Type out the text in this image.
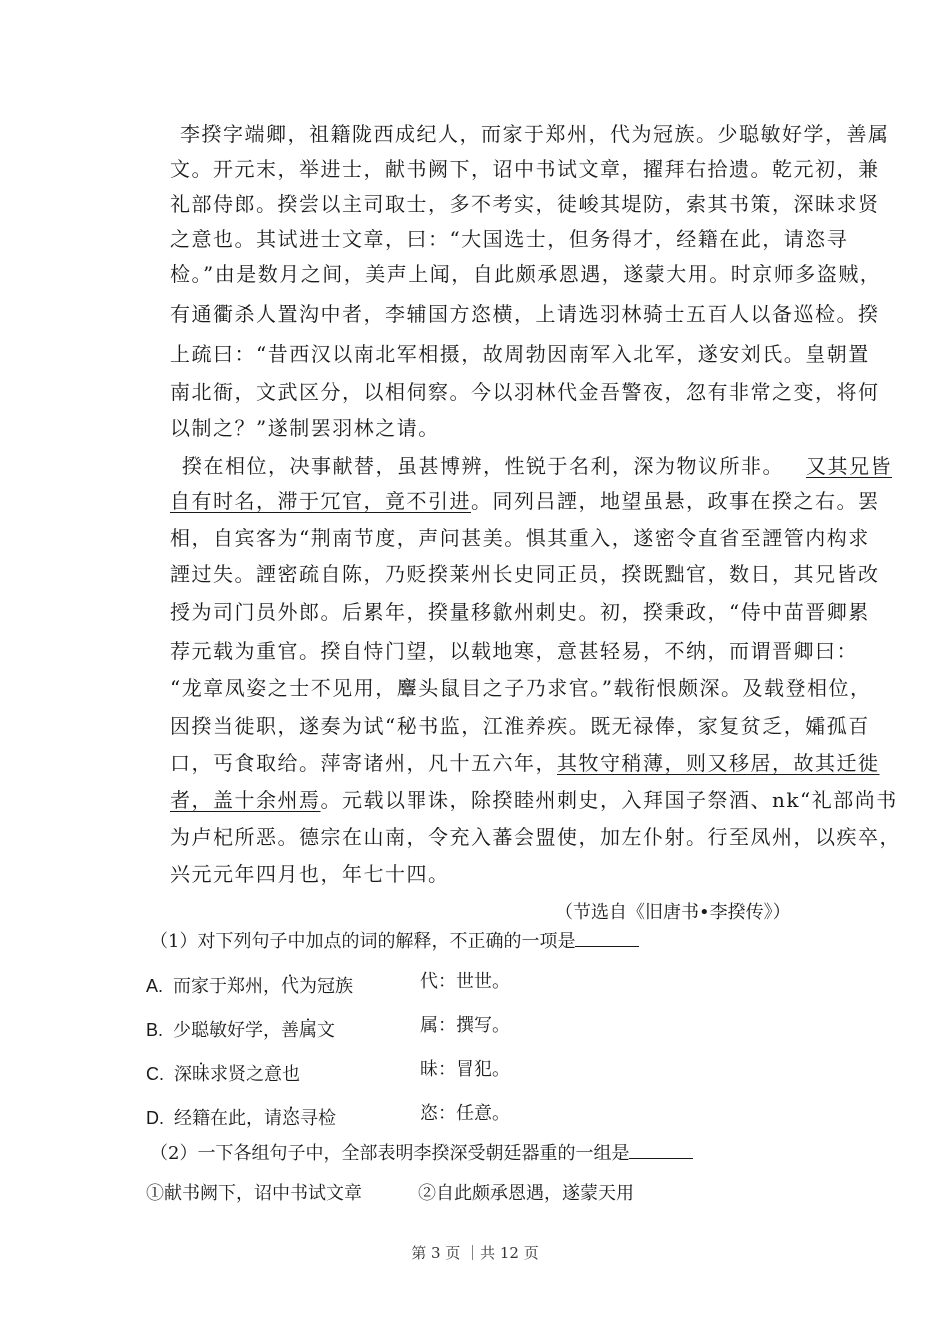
李揆字端卿，祖籍陇西成纪人，而家于郑州，代为冠族。少聪敏好学，善属
文。开元末，举进士，献书阙下，诏中书试文章，擢拜右拾遗。乾元初，兼
礼部侍郎。揆尝以主司取士，多不考实，徒峻其堤防，索其书策，深昧求贤
之意也。其试进士文章，曰：“大国选士，但务得才，经籍在此，请恣寻
检。”由是数月之间，美声上闻，自此颇承恩遇，遂蒙大用。时京师多盗贼，
有通衢杀人置沟中者，李辅国方恣横，上请选羽林骑士五百人以备巡检。揆
上疏曰：“昔西汉以南北军相摄，故周勃因南军入北军，遂安刘氏。皇朝置
南北衙，文武区分，以相伺察。今以羽林代金吾警夜，忽有非常之变，将何
以制之？”遂制罢羽林之请。
揆在相位，决事献替，虽甚博辨，性锐于名利，深为物议所非。 又其兄皆
自有时名，滞于冗官，竟不引进。同列吕諲，地望虽悬，政事在揆之右。罢
相，自宾客为“荆南节度，声问甚美。惧其重入，遂密令直省至諲管内构求
諲过失。諲密疏自陈，乃贬揆莱州长史同正员，揆既黜官，数日，其兄皆改
授为司门员外郎。后累年，揆量移歙州刺史。初，揆秉政，“侍中苗晋卿累
荐元载为重官。揆自恃门望，以载地寒，意甚轻易，不纳，而谓晋卿曰：
“龙章凤姿之士不见用，麞头鼠目之子乃求官。”载衔恨颇深。及载登相位，
因揆当徙职，遂奏为试“秘书监，江淮养疾。既无禄俸，家复贫乏，孀孤百
口，丐食取给。萍寄诸州，凡十五六年，其牧守稍薄，则又移居，故其迁徙
者，盖十余州焉。元载以罪诛，除揆睦州刺史，入拜国子祭酒、nk“礼部尚书
为卢杞所恶。德宗在山南，令充入蕃会盟使，加左仆射。行至凤州，以疾卒，
兴元元年四月也，年七十四。
（节选自《旧唐书•李揆传》）
（1）对下列句子中加点的词的解释，不正确的一项是
A. 而家于郑州，代为冠族	代：世世。
B. 少聪敏好学，善属文	属：撰写。
C. 深昧求贤之意也	昧：冒犯。
D. 经籍在此，请恣寻检	恣：任意。
（2）一下各组句子中，全部表明李揆深受朝廷器重的一组是
①献书阙下，诏中书试文章	②自此颇承恩遇，遂蒙天用
第 3 页 ｜共 12 页
